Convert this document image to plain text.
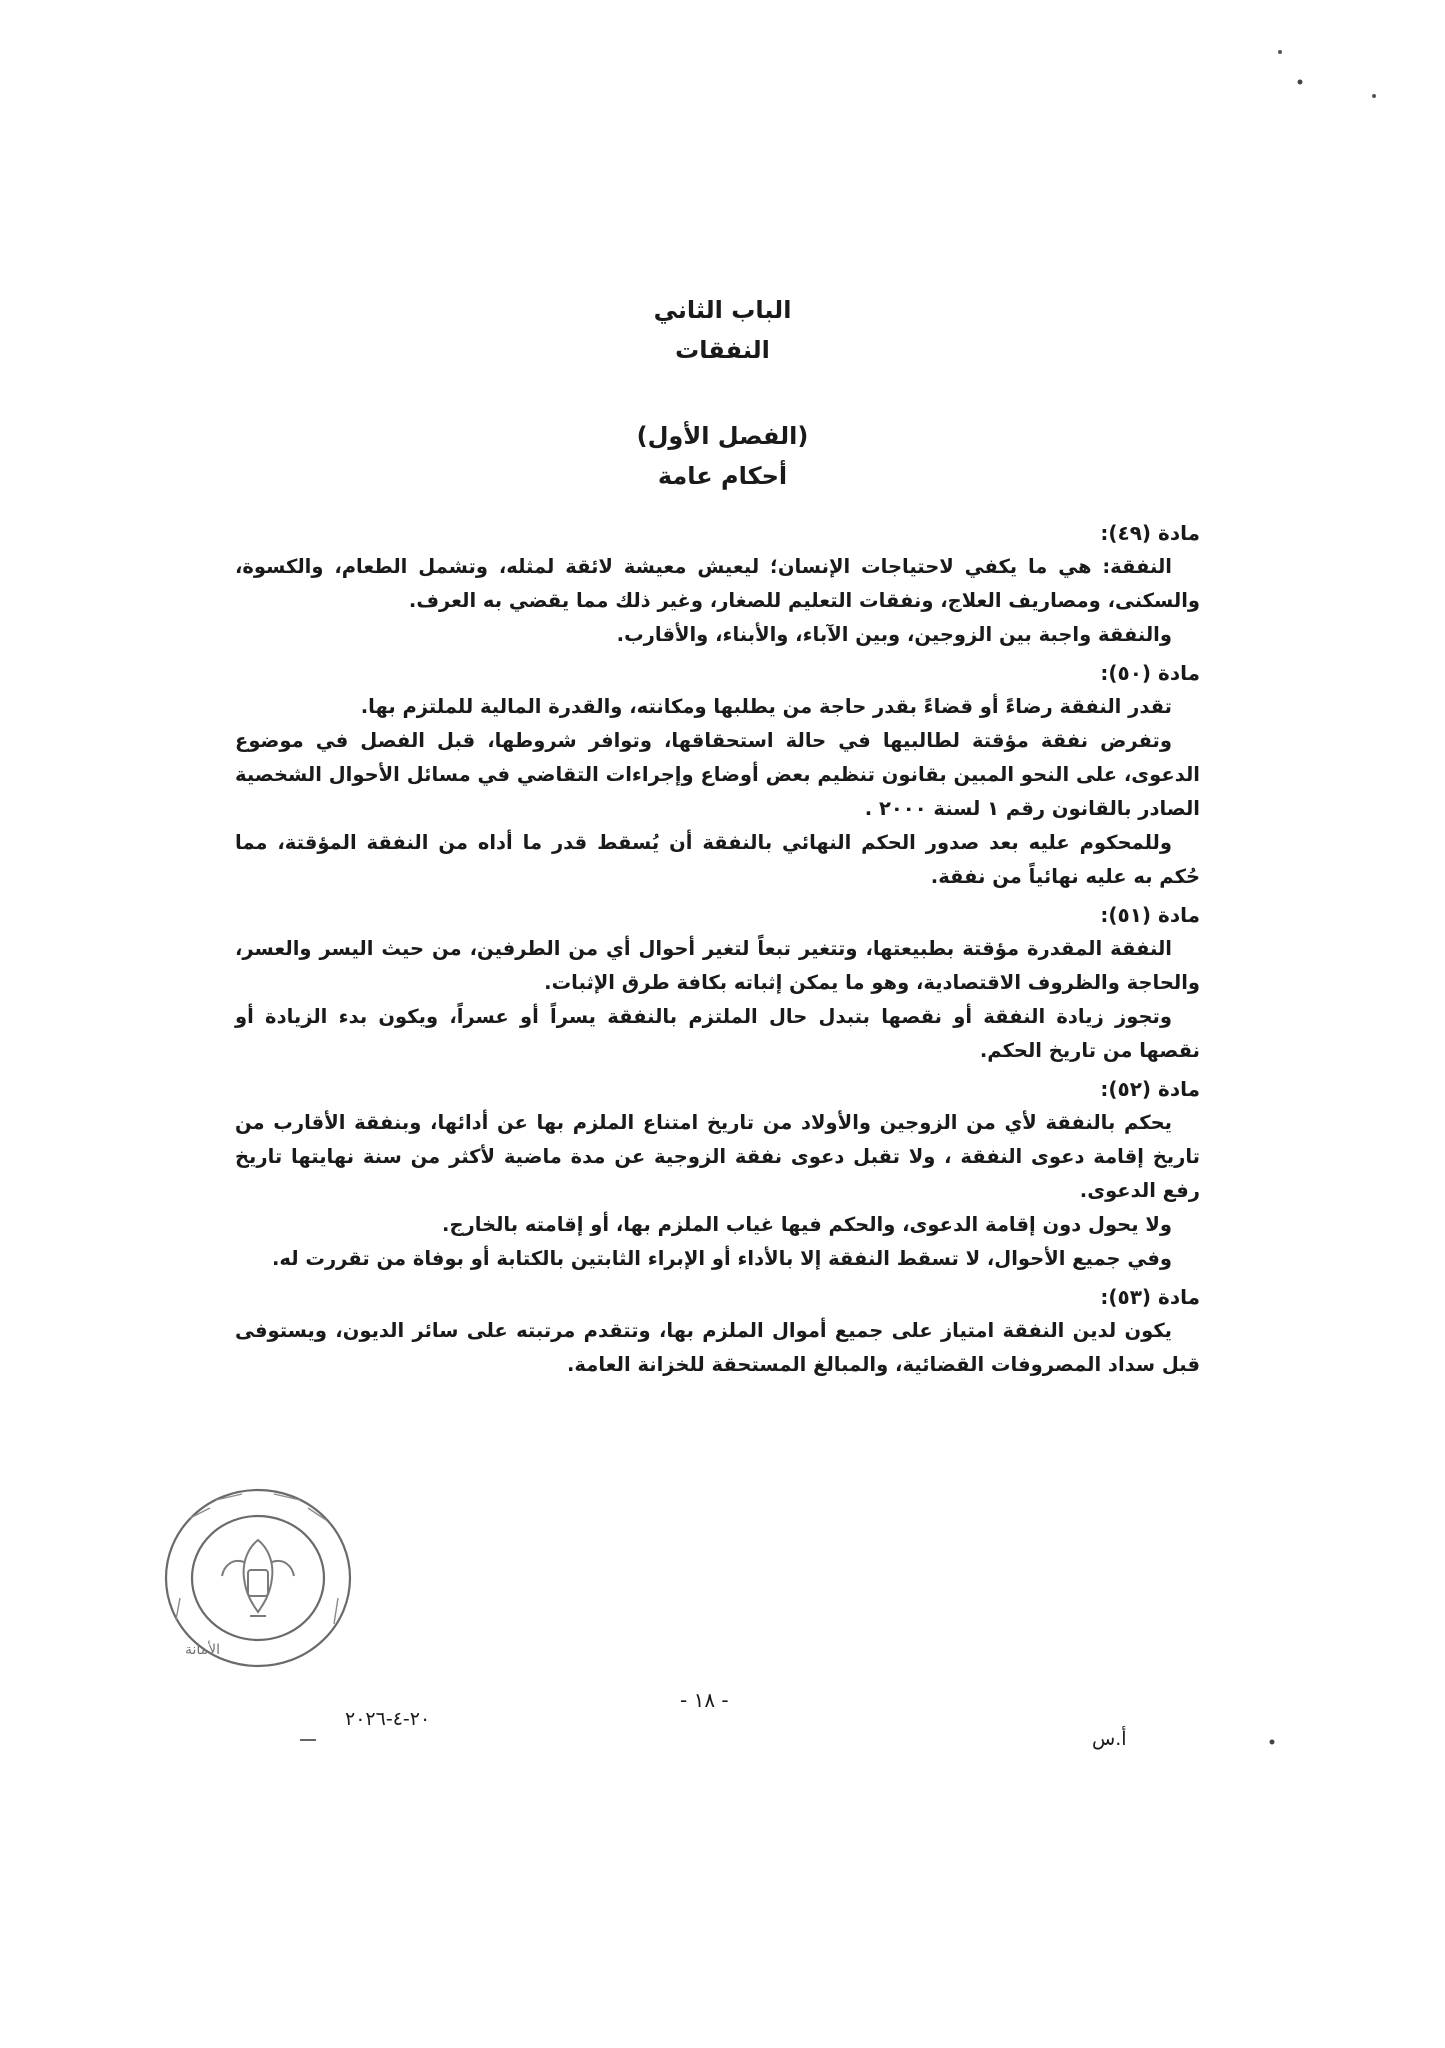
الباب الثاني
النفقات
(الفصل الأول)
أحكام عامة

مادة (٤٩):

النفقة: هي ما يكفي لاحتياجات الإنسان؛ ليعيش معيشة لائقة لمثله، وتشمل الطعام، والكسوة، والسكنى، ومصاريف العلاج، ونفقات التعليم للصغار، وغير ذلك مما يقضي به العرف.

والنفقة واجبة بين الزوجين، وبين الآباء، والأبناء، والأقارب.

مادة (٥٠):

تقدر النفقة رضاءً أو قضاءً بقدر حاجة من يطلبها ومكانته، والقدرة المالية للملتزم بها.

وتفرض نفقة مؤقتة لطالبيها في حالة استحقاقها، وتوافر شروطها، قبل الفصل في موضوع الدعوى، على النحو المبين بقانون تنظيم بعض أوضاع وإجراءات التقاضي في مسائل الأحوال الشخصية الصادر بالقانون رقم ١ لسنة ٢٠٠٠ .

وللمحكوم عليه بعد صدور الحكم النهائي بالنفقة أن يُسقط قدر ما أداه من النفقة المؤقتة، مما حُكم به عليه نهائياً من نفقة.

مادة (٥١):

النفقة المقدرة مؤقتة بطبيعتها، وتتغير تبعاً لتغير أحوال أي من الطرفين، من حيث اليسر والعسر، والحاجة والظروف الاقتصادية، وهو ما يمكن إثباته بكافة طرق الإثبات.

وتجوز زيادة النفقة أو نقصها بتبدل حال الملتزم بالنفقة يسراً أو عسراً، ويكون بدء الزيادة أو نقصها من تاريخ الحكم.

مادة (٥٢):

يحكم بالنفقة لأي من الزوجين والأولاد من تاريخ امتناع الملزم بها عن أدائها، وبنفقة الأقارب من تاريخ إقامة دعوى النفقة ، ولا تقبل دعوى نفقة الزوجية عن مدة ماضية لأكثر من سنة نهايتها تاريخ رفع الدعوى.

ولا يحول دون إقامة الدعوى، والحكم فيها غياب الملزم بها، أو إقامته بالخارج.

وفي جميع الأحوال، لا تسقط النفقة إلا بالأداء أو الإبراء الثابتين بالكتابة أو بوفاة من تقررت له.

مادة (٥٣):

يكون لدين النفقة امتياز على جميع أموال الملزم بها، وتتقدم مرتبته على سائر الديون، ويستوفى قبل سداد المصروفات القضائية، والمبالغ المستحقة للخزانة العامة.

الأمانة
- ١٨ -
٢٠-٤-٢٠٢٦
أ.س
